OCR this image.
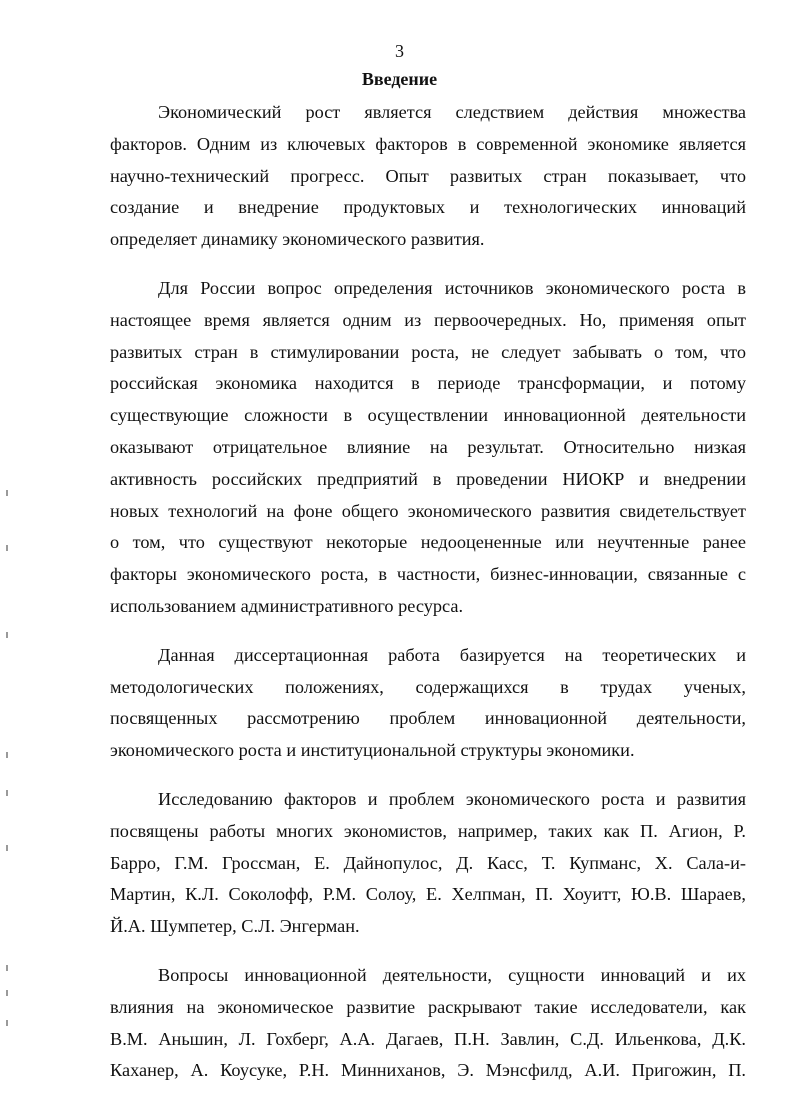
3
Введение

Экономический рост является следствием действия множества
факторов. Одним из ключевых факторов в современной экономике является
научно-технический прогресс. Опыт развитых стран показывает, что
создание и внедрение продуктовых и технологических инноваций
определяет динамику экономического развития.

Для России вопрос определения источников экономического роста в
настоящее время является одним из первоочередных. Но, применяя опыт
развитых стран в стимулировании роста, не следует забывать о том, что
российская экономика находится в периоде трансформации, и потому
существующие сложности в осуществлении инновационной деятельности
оказывают отрицательное влияние на результат. Относительно низкая
активность российских предприятий в проведении НИОКР и внедрении
новых технологий на фоне общего экономического развития свидетельствует
о том, что существуют некоторые недооцененные или неучтенные ранее
факторы экономического роста, в частности, бизнес-инновации, связанные с
использованием административного ресурса.

Данная диссертационная работа базируется на теоретических и
методологических положениях, содержащихся в трудах ученых,
посвященных рассмотрению проблем инновационной деятельности,
экономического роста и институциональной структуры экономики.

Исследованию факторов и проблем экономического роста и развития
посвящены работы многих экономистов, например, таких как П. Агион, Р.
Барро, Г.М. Гроссман, Е. Дайнопулос, Д. Касс, Т. Купманс, Х. Сала-и-
Мартин, К.Л. Соколофф, Р.М. Солоу, Е. Хелпман, П. Хоуитт, Ю.В. Шараев,
Й.А. Шумпетер, С.Л. Энгерман.

Вопросы инновационной деятельности, сущности инноваций и их
влияния на экономическое развитие раскрывают такие исследователи, как
В.М. Аньшин, Л. Гохберг, А.А. Дагаев, П.Н. Завлин, С.Д. Ильенкова, Д.К.
Каханер, А. Коусуке, Р.Н. Минниханов, Э. Мэнсфилд, А.И. Пригожин, П.
